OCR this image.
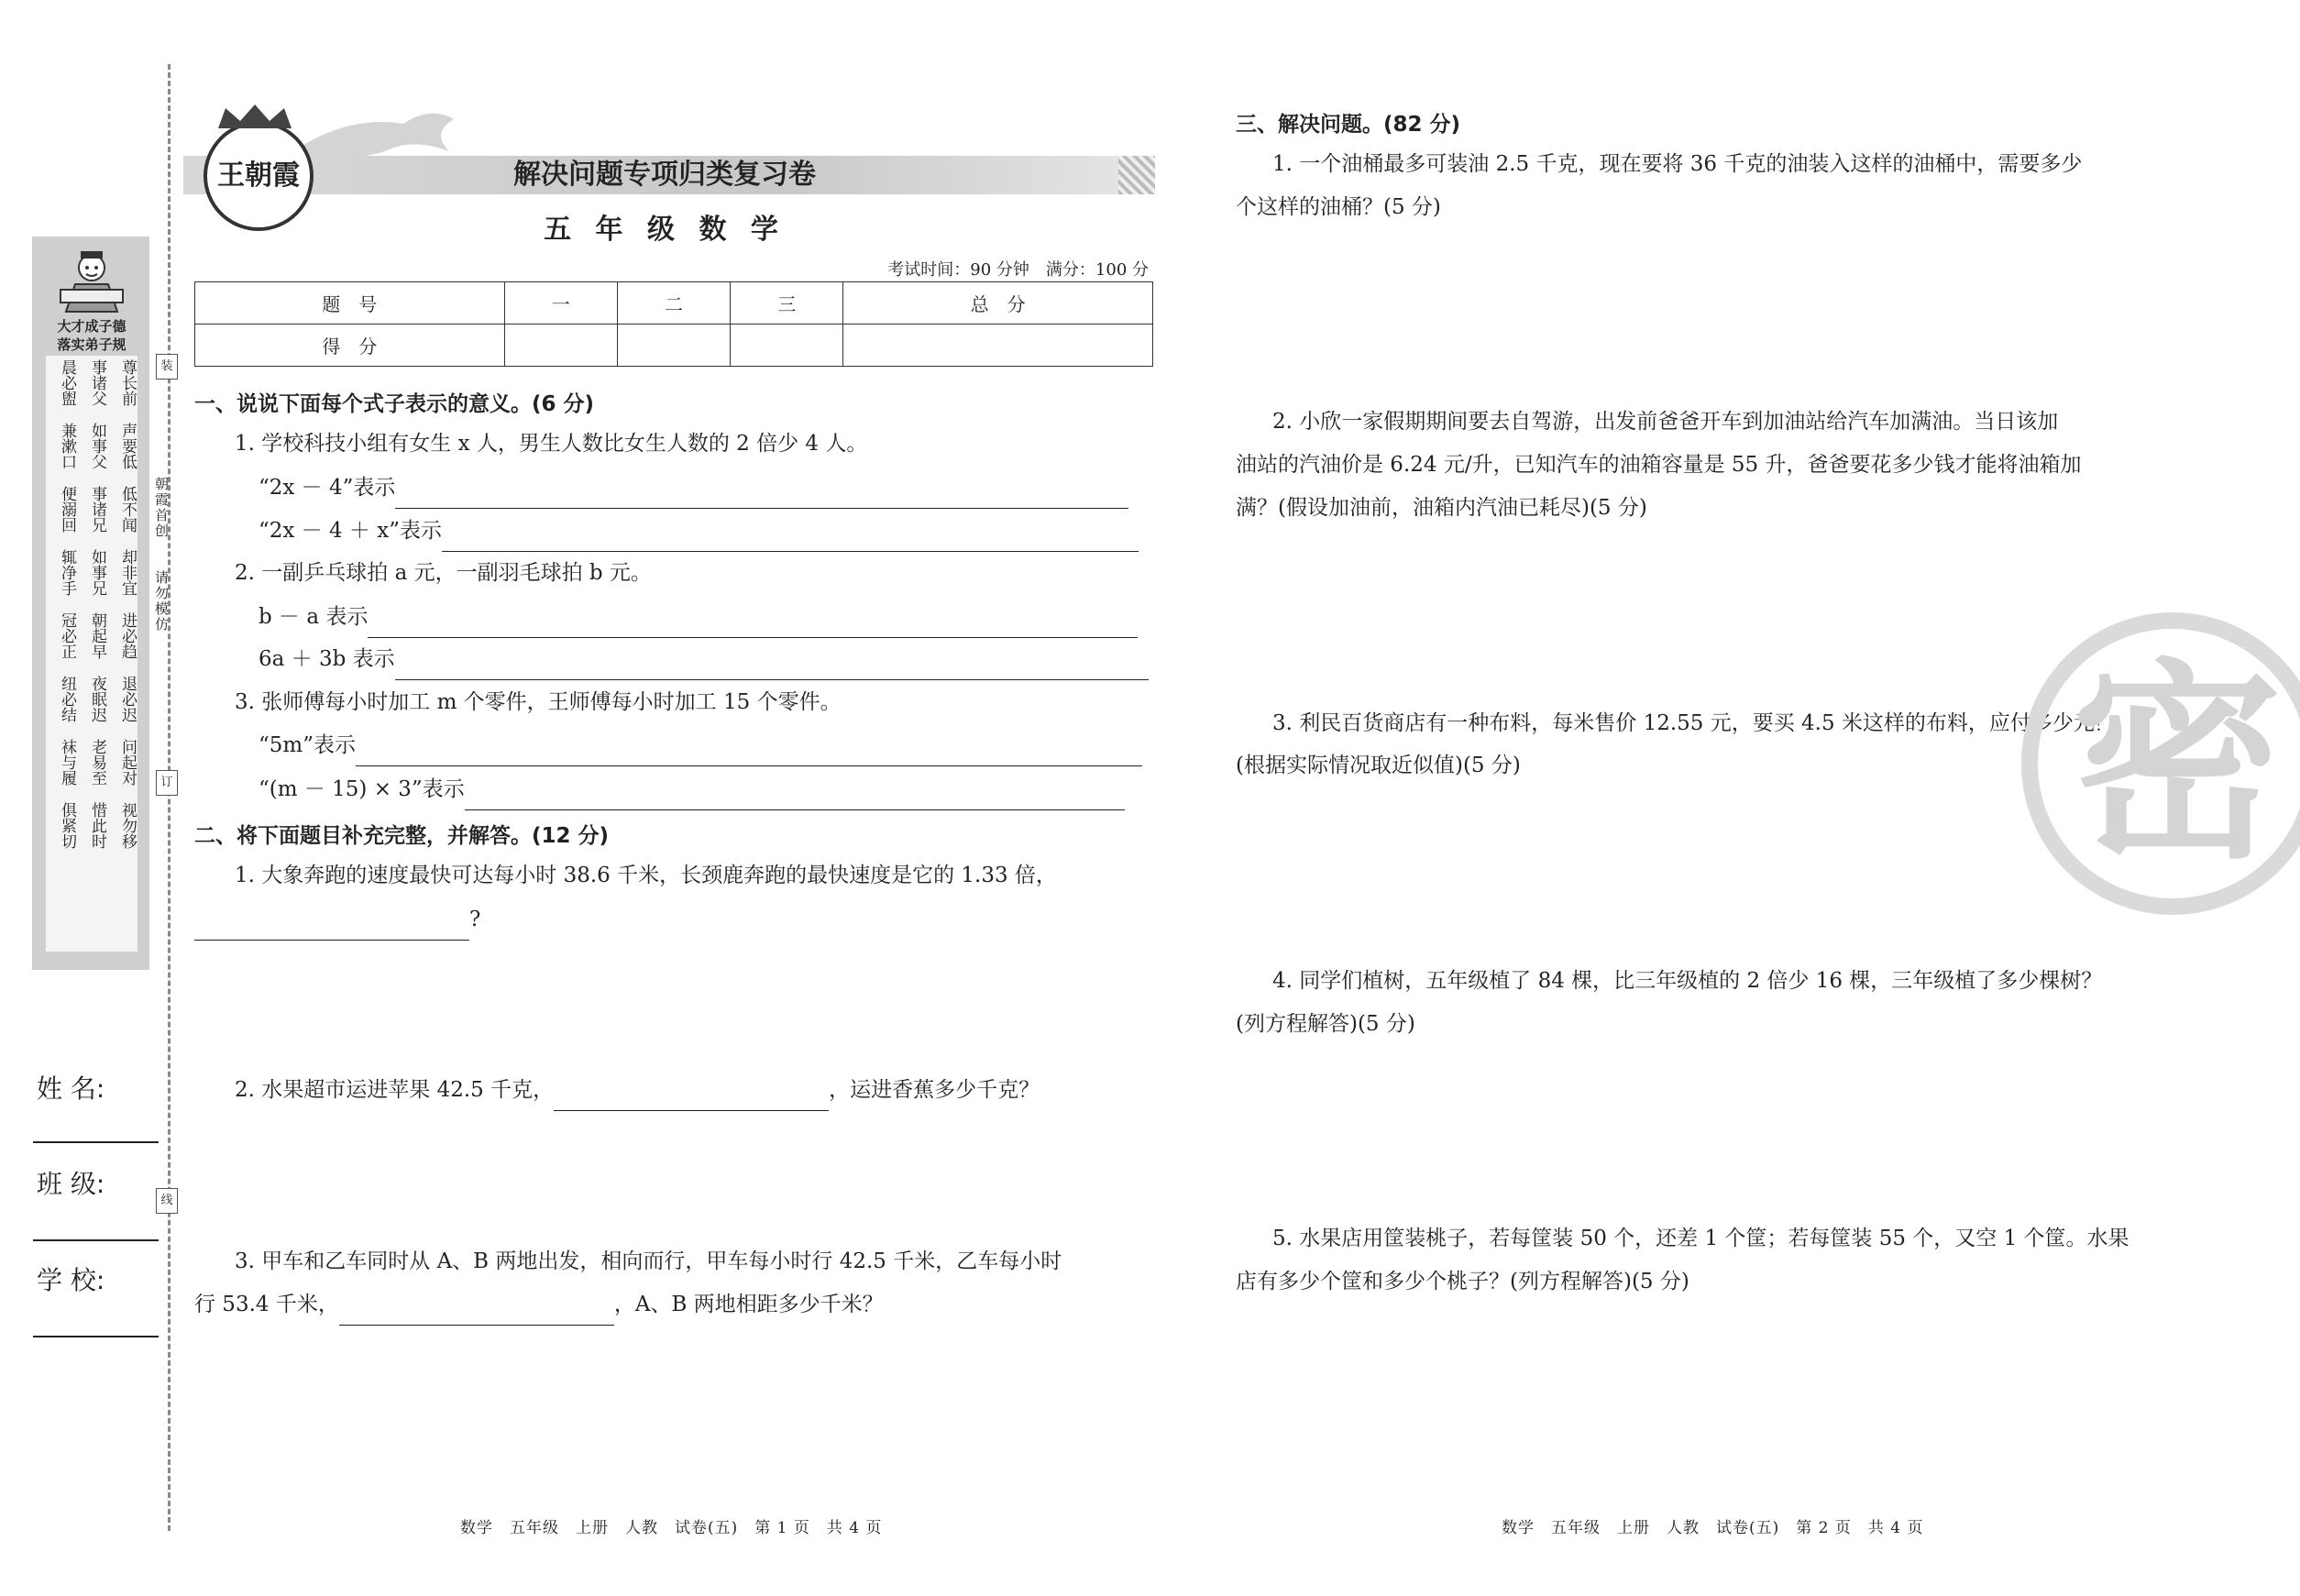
大才成子德
落实弟子规
晨必盥 事诸父 尊长前
兼漱口 如事父 声要低
便溺回 事诸兄 低不闻
辄净手 如事兄 却非宜
冠必正 朝起早 进必趋
纽必结 夜眠迟 退必迟
袜与履 老易至 问起对
俱紧切 惜此时 视勿移
装
朝霞首创
请勿模仿
订
线
姓 名:
班 级:
学 校:
王朝霞	解决问题专项归类复习卷
五 年 级 数 学
考试时间：90 分钟　满分：100 分
题　号	一	二	三	总　分
得　分				
一、说说下面每个式子表示的意义。(6 分)
1. 学校科技小组有女生 x 人，男生人数比女生人数的 2 倍少 4 人。
“2x － 4”表示
“2x － 4 ＋ x”表示
2. 一副乒乓球拍 a 元，一副羽毛球拍 b 元。
b － a 表示
6a ＋ 3b 表示
3. 张师傅每小时加工 m 个零件，王师傅每小时加工 15 个零件。
“5m”表示
“(m － 15) × 3”表示
二、将下面题目补充完整，并解答。(12 分)
1. 大象奔跑的速度最快可达每小时 38.6 千米，长颈鹿奔跑的最快速度是它的 1.33 倍，
?
2. 水果超市运进苹果 42.5 千克，	，运进香蕉多少千克？
3. 甲车和乙车同时从 A、B 两地出发，相向而行，甲车每小时行 42.5 千米，乙车每小时
行 53.4 千米，	，A、B 两地相距多少千米？
三、解决问题。(82 分)
1. 一个油桶最多可装油 2.5 千克，现在要将 36 千克的油装入这样的油桶中，需要多少
个这样的油桶？(5 分)
2. 小欣一家假期期间要去自驾游，出发前爸爸开车到加油站给汽车加满油。当日该加
油站的汽油价是 6.24 元/升，已知汽车的油箱容量是 55 升，爸爸要花多少钱才能将油箱加
满？(假设加油前，油箱内汽油已耗尽)(5 分)
3. 利民百货商店有一种布料，每米售价 12.55 元，要买 4.5 米这样的布料，应付多少元？
(根据实际情况取近似值)(5 分)
4. 同学们植树，五年级植了 84 棵，比三年级植的 2 倍少 16 棵，三年级植了多少棵树？
(列方程解答)(5 分)
5. 水果店用筐装桃子，若每筐装 50 个，还差 1 个筐；若每筐装 55 个，又空 1 个筐。水果
店有多少个筐和多少个桃子？(列方程解答)(5 分)
密
数学　五年级　上册　人教　试卷(五)　第 1 页　共 4 页	数学　五年级　上册　人教　试卷(五)　第 2 页　共 4 页
